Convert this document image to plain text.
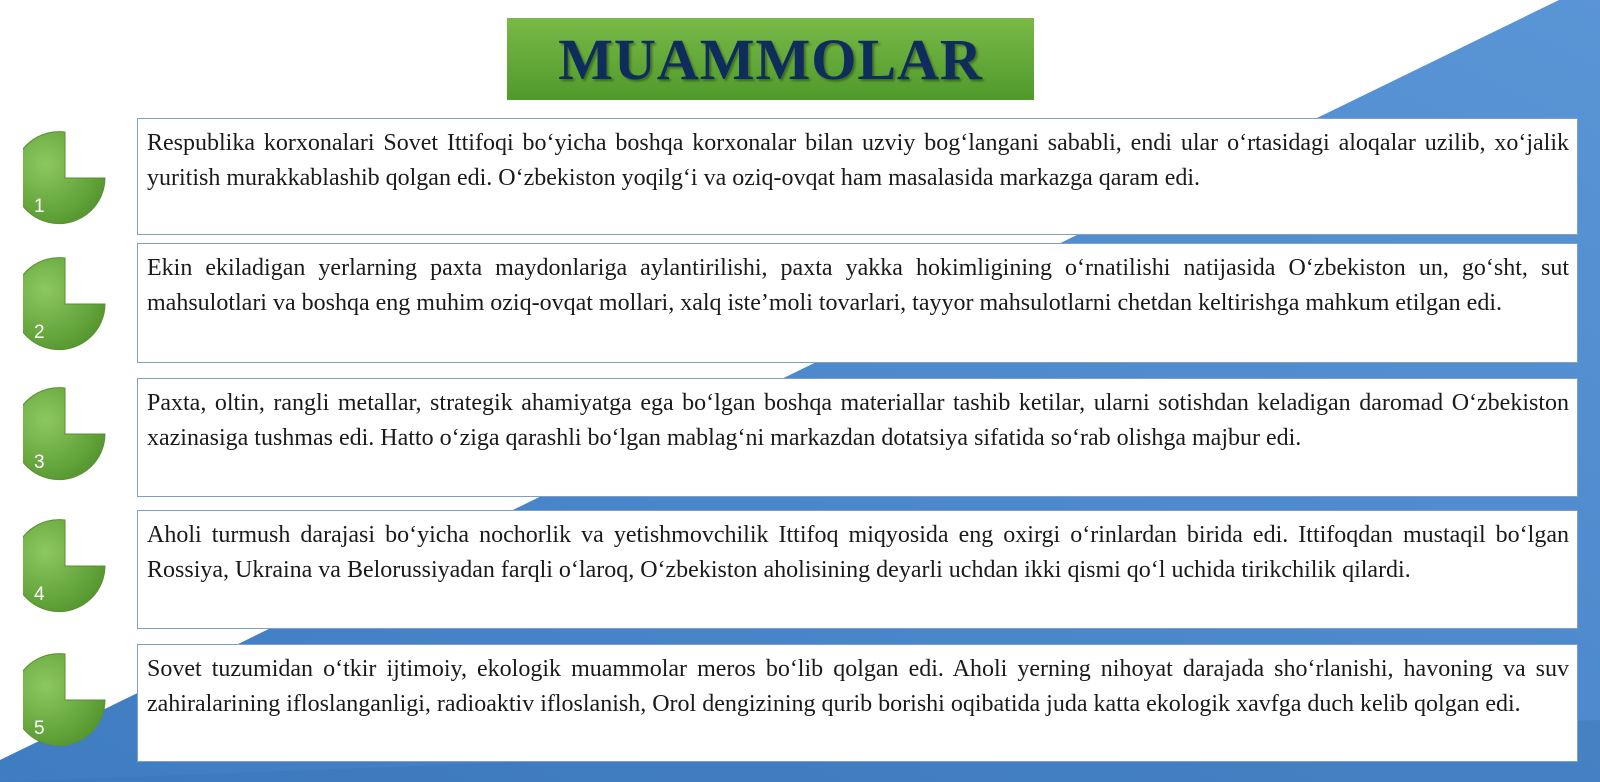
MUAMMOLAR
1

Respublika korxonalari Sovet Ittifoqi bo‘yicha boshqa korxonalar bilan uzviy bog‘langani sababli, endi ular o‘rtasidagi aloqalar uzilib, xo‘jalik yuritish murakkablashib qolgan edi. O‘zbekiston yoqilg‘i va oziq-ovqat ham masalasida markazga qaram edi.

2

Ekin ekiladigan yerlarning paxta maydonlariga aylantirilishi, paxta yakka hokimligining o‘rnatilishi natijasida O‘zbekiston un, go‘sht, sut mahsulotlari va boshqa eng muhim oziq-ovqat mollari, xalq iste’moli tovarlari, tayyor mahsulotlarni chetdan keltirishga mahkum etilgan edi.

3

Paxta, oltin, rangli metallar, strategik ahamiyatga ega bo‘lgan boshqa materiallar tashib ketilar, ularni sotishdan keladigan daromad O‘zbekiston xazinasiga tushmas edi. Hatto o‘ziga qarashli bo‘lgan mablag‘ni markazdan dotatsiya sifatida so‘rab olishga majbur edi.

4

Aholi turmush darajasi bo‘yicha nochorlik va yetishmovchilik Ittifoq miqyosida eng oxirgi o‘rinlardan birida edi. Ittifoqdan mustaqil bo‘lgan Rossiya, Ukraina va Belorussiyadan farqli o‘laroq, O‘zbekiston aholisining deyarli uchdan ikki qismi qo‘l uchida tirikchilik qilardi.

5

Sovet tuzumidan o‘tkir ijtimoiy, ekologik muammolar meros bo‘lib qolgan edi. Aholi yerning nihoyat darajada sho‘rlanishi, havoning va suv zahiralarining ifloslanganligi, radioaktiv ifloslanish, Orol dengizining qurib borishi oqibatida juda katta ekologik xavfga duch kelib qolgan edi.
